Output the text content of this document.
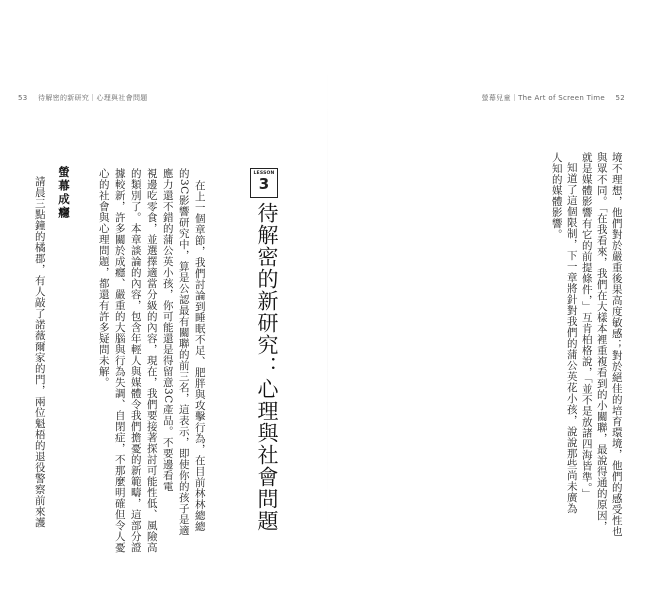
53 待解密的新研究｜心理與社會問題	螢幕兒童｜The Art of Screen Time 52
境不理想，他們對於嚴重後果高度敏感；對於絕佳的培育環境，他們的感受性也
與眾不同。「在我看來，我們在大樣本裡重複看到的小關聯，最說得通的原因，
就是媒體影響有它的前提條件，」互肯柏格說，「並不是放諸四海皆準。」
知道了這個限制，下一章將針對我們的蒲公英花小孩，說說那些尚未廣為
人知的媒體影響。
LESSON
3
待解密的新研究：心理與社會問題
在上一個章節，我們討論到睡眠不足、肥胖與攻擊行為，在目前林林總總
的3C影響研究中，算是公認最有關聯的前三名，這表示，即使你的孩子是適
應力還不錯的蒲公英小孩，你可能還是得留意3C產品。不要邊看電
視邊吃零食，並選擇適當分級的內容，現在，我們要接著探討可能性低、風險高
的類別了。本章談論的內容，包含年輕人與媒體令我們擔憂的新範疇，這部分證
據較新，許多關於成癮、嚴重的大腦與行為失調、自閉症，不那麼明確但令人憂
心的社會與心理問題，都還有許多疑問未解。
螢幕成癮
請晨三點鐘的橘郡，有人敲了諾薇爾家的門，兩位魁梧的退役警察前來護
